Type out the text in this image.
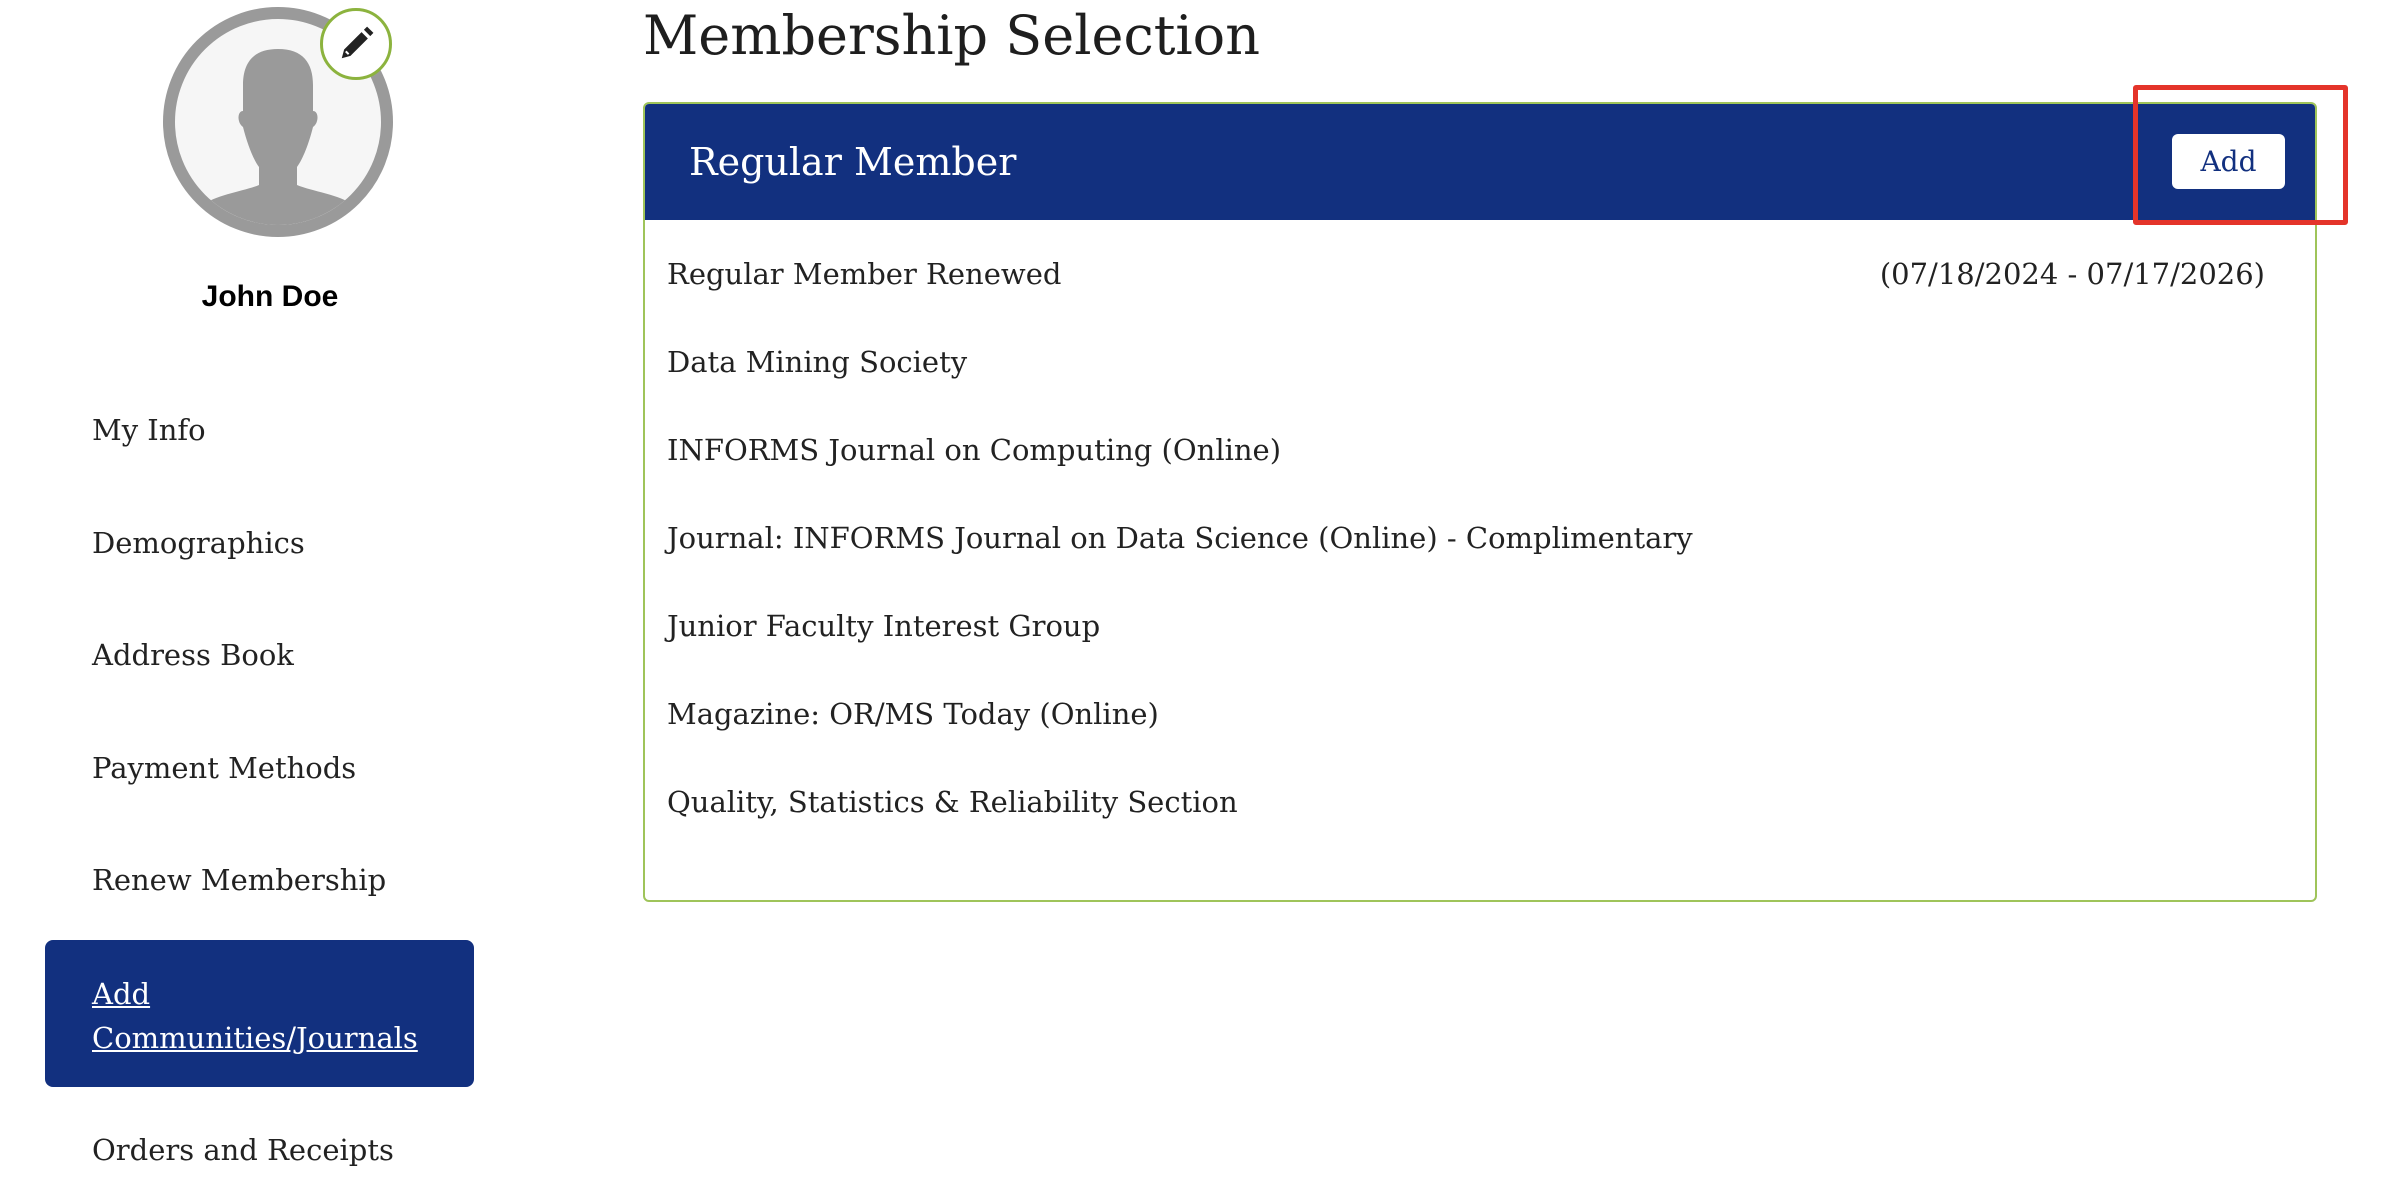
John Doe
My Info
Demographics
Address Book
Payment Methods
Renew Membership
Add
Communities/Journals
Orders and Receipts
Membership Selection
Regular Member	Add
Regular Member Renewed	(07/18/2024 - 07/17/2026)
Data Mining Society
INFORMS Journal on Computing (Online)
Journal: INFORMS Journal on Data Science (Online) - Complimentary
Junior Faculty Interest Group
Magazine: OR/MS Today (Online)
Quality, Statistics & Reliability Section
